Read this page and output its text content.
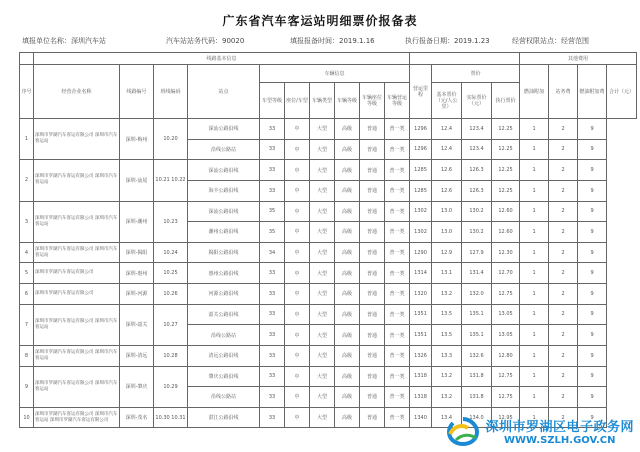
广东省汽车客运站明细票价报备表
填报单位名称：深圳汽车站	汽车站站务代码：90020	填报报备时间：2019.1.16	执行报备日期：2019.1.23	经营权限站点：经营范围
	线路基本信息														其他费用			
序号	经营企业名称	线路编号	班线编码	站点	车辆信息						营运里程	票价			燃油附加	站务费	燃油附加费	合计（元）
					车型等级	座位/车型	车辆类型	车辆等级	车辆座位等级	车辆营运等级		基本票价（元/人公里）	实际票价（元）	执行票价				
1	深圳市罗湖汽车客运有限公司 深圳市汽车客运站	深圳-梅州	10.20	深汕公路沿线	33	中	大型	高级	普通	普一类	1296	12.4	123.4	12.25	1	2	9	
				沿线公路站	33	中	大型	高级	普通	普一类	1296	12.4	123.4	12.25	1	2	9	
2	深圳市罗湖汽车客运有限公司 深圳市汽车客运站	深圳-汕尾	10.21 10.22	深汕公路沿线	33	中	大型	高级	普通	普一类	1285	12.6	126.3	12.25	1	2	9	
				海丰公路沿线	33	中	大型	高级	普通	普一类	1285	12.6	126.3	12.25	1	2	9	
3	深圳市罗湖汽车客运有限公司 深圳市汽车客运站	深圳-潮州	10.23	深汕公路沿线	35	中	大型	高级	普通	普一类	1302	13.0	130.2	12.60	1	2	9	
				潮州公路沿线	35	中	大型	高级	普通	普一类	1302	13.0	130.2	12.60	1	2	9	
4	深圳市罗湖汽车客运有限公司 深圳市汽车客运站	深圳-揭阳	10.24	揭阳公路沿线	34	中	大型	高级	普通	普一类	1290	12.9	127.9	12.30	1	2	9	
5	深圳市罗湖汽车客运有限公司	深圳-惠州	10.25	惠州公路沿线	33	中	大型	高级	普通	普一类	1314	13.1	131.4	12.70	1	2	9	
6	深圳市罗湖汽车客运有限公司	深圳-河源	10.26	河源公路沿线	33	中	大型	高级	普通	普一类	1320	13.2	132.0	12.75	1	2	9	
7	深圳市罗湖汽车客运有限公司 深圳市汽车客运站	深圳-韶关	10.27	韶关公路沿线	33	中	大型	高级	普通	普一类	1351	13.5	135.1	13.05	1	2	9	
				沿线公路站	33	中	大型	高级	普通	普一类	1351	13.5	135.1	13.05	1	2	9	
8	深圳市罗湖汽车客运有限公司 深圳市汽车客运站	深圳-清远	10.28	清远公路沿线	33	中	大型	高级	普通	普一类	1326	13.3	132.6	12.80	1	2	9	
9	深圳市罗湖汽车客运有限公司 深圳市汽车客运站	深圳-肇庆	10.29	肇庆公路沿线	33	中	大型	高级	普通	普一类	1318	13.2	131.8	12.75	1	2	9	
				沿线公路站	33	中	大型	高级	普通	普一类	1318	13.2	131.8	12.75	1	2	9	
10	深圳市罗湖汽车客运有限公司 深圳市汽车客运站 深圳市罗湖汽车客运有限公司	深圳-茂名	10.30 10.31	湛江公路沿线	33	中	大型	高级	普通	普一类	1340	13.4	134.0	12.95	1	2	9	
深圳市罗湖区电子政务网
WWW.SZLH.GOV.CN
